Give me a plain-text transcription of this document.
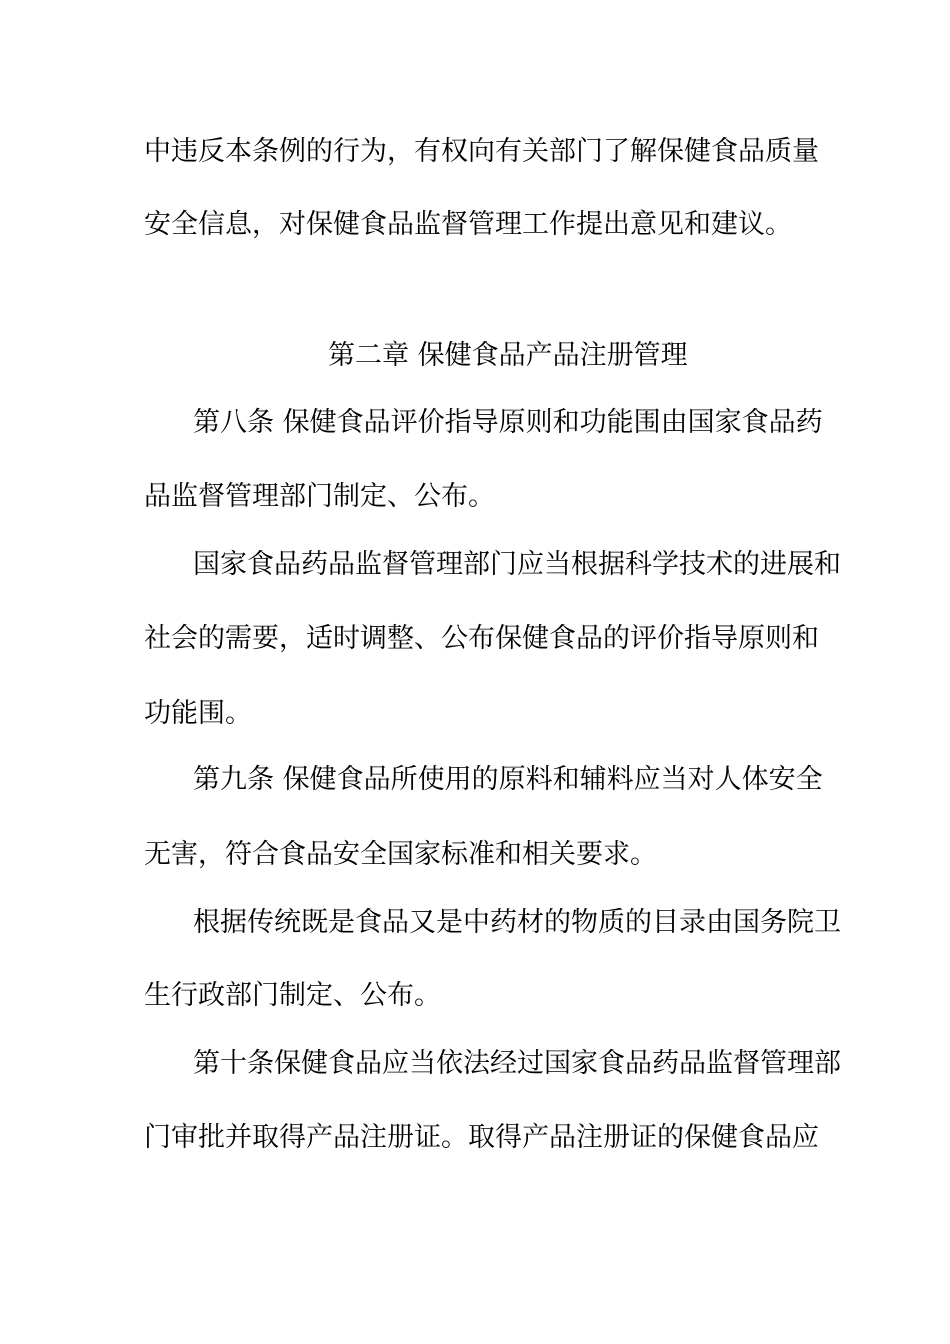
中违反本条例的行为，有权向有关部门了解保健食品质量
安全信息，对保健食品监督管理工作提出意见和建议。
第二章 保健食品产品注册管理
第八条 保健食品评价指导原则和功能围由国家食品药
品监督管理部门制定、公布。
国家食品药品监督管理部门应当根据科学技术的进展和
社会的需要，适时调整、公布保健食品的评价指导原则和
功能围。
第九条 保健食品所使用的原料和辅料应当对人体安全
无害，符合食品安全国家标准和相关要求。
根据传统既是食品又是中药材的物质的目录由国务院卫
生行政部门制定、公布。
第十条保健食品应当依法经过国家食品药品监督管理部
门审批并取得产品注册证。取得产品注册证的保健食品应
